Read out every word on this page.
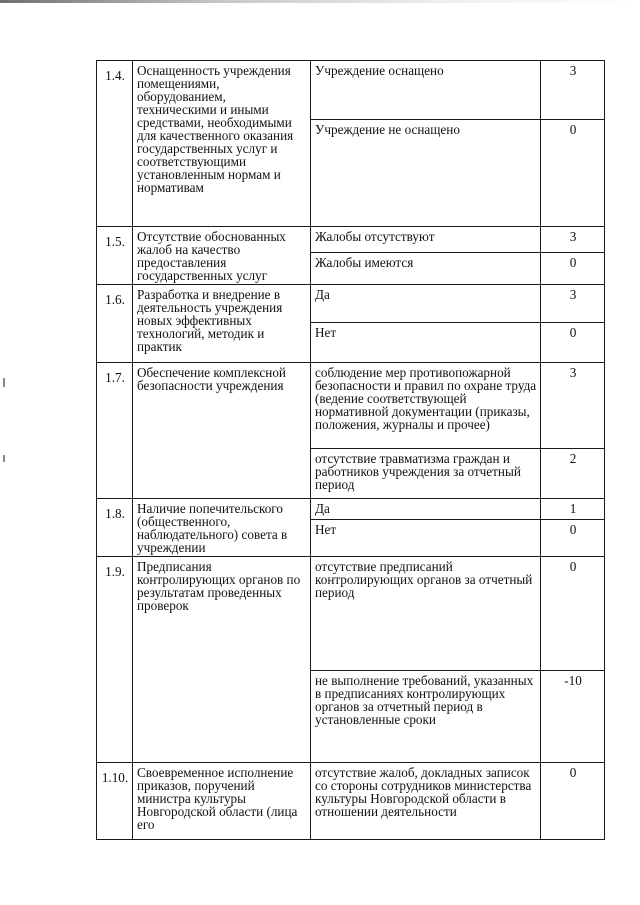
1.4.	Оснащенность учреждения помещениями, оборудованием, техническими и иными средствами, необходимыми для качественного оказания государственных услуг и соответствующими установленным нормам и нормативам	Учреждение оснащено	3
		Учреждение не оснащено	0
1.5.	Отсутствие обоснованных жалоб на качество предоставления государственных услуг	Жалобы отсутствуют	3
		Жалобы имеются	0
1.6.	Разработка и внедрение в деятельность учреждения новых эффективных технологий, методик и практик	Да	3
		Нет	0
1.7.	Обеспечение комплексной безопасности учреждения	соблюдение мер противопожарной безопасности и правил по охране труда (ведение соответствующей нормативной документации (приказы, положения, журналы и прочее)	3
		отсутствие травматизма граждан и работников учреждения за отчетный период	2
1.8.	Наличие попечительского (общественного, наблюдательного) совета в учреждении	Да	1
		Нет	0
1.9.	Предписания контролирующих органов по результатам проведенных проверок	отсутствие предписаний контролирующих органов за отчетный период	0
		не выполнение требований, указанных в предписаниях контролирующих органов за отчетный период в установленные сроки	-10
1.10.	Своевременное исполнение приказов, поручений министра культуры Новгородской области (лица его	отсутствие жалоб, докладных записок со стороны сотрудников министерства культуры Новгородской области в отношении деятельности	0
